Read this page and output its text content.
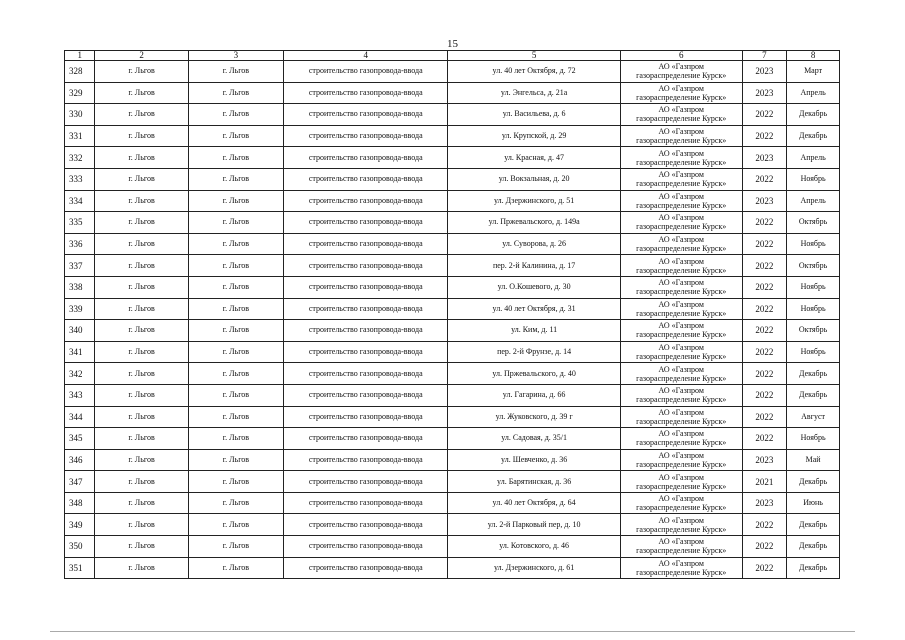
15
1	2	3	4	5	6	7	8
328	г. Льгов	г. Льгов	строительство газопровода-ввода	ул. 40 лет Октября, д. 72	АО «Газпром
газораспределение Курск»	2023	Март
329	г. Льгов	г. Льгов	строительство газопровода-ввода	ул. Энгельса, д. 21а	АО «Газпром
газораспределение Курск»	2023	Апрель
330	г. Льгов	г. Льгов	строительство газопровода-ввода	ул. Васильева, д. 6	АО «Газпром
газораспределение Курск»	2022	Декабрь
331	г. Льгов	г. Льгов	строительство газопровода-ввода	ул. Крупской, д. 29	АО «Газпром
газораспределение Курск»	2022	Декабрь
332	г. Льгов	г. Льгов	строительство газопровода-ввода	ул. Красная, д. 47	АО «Газпром
газораспределение Курск»	2023	Апрель
333	г. Льгов	г. Льгов	строительство газопровода-ввода	ул. Вокзальная, д. 20	АО «Газпром
газораспределение Курск»	2022	Ноябрь
334	г. Льгов	г. Льгов	строительство газопровода-ввода	ул. Дзержинского, д. 51	АО «Газпром
газораспределение Курск»	2023	Апрель
335	г. Льгов	г. Льгов	строительство газопровода-ввода	ул. Пржевальского, д. 149а	АО «Газпром
газораспределение Курск»	2022	Октябрь
336	г. Льгов	г. Льгов	строительство газопровода-ввода	ул. Суворова, д. 26	АО «Газпром
газораспределение Курск»	2022	Ноябрь
337	г. Льгов	г. Льгов	строительство газопровода-ввода	пер. 2-й Калинина, д. 17	АО «Газпром
газораспределение Курск»	2022	Октябрь
338	г. Льгов	г. Льгов	строительство газопровода-ввода	ул. О.Кошевого, д. 30	АО «Газпром
газораспределение Курск»	2022	Ноябрь
339	г. Льгов	г. Льгов	строительство газопровода-ввода	ул. 40 лет Октября, д. 31	АО «Газпром
газораспределение Курск»	2022	Ноябрь
340	г. Льгов	г. Льгов	строительство газопровода-ввода	ул. Ким, д. 11	АО «Газпром
газораспределение Курск»	2022	Октябрь
341	г. Льгов	г. Льгов	строительство газопровода-ввода	пер. 2-й Фрунзе, д. 14	АО «Газпром
газораспределение Курск»	2022	Ноябрь
342	г. Льгов	г. Льгов	строительство газопровода-ввода	ул. Пржевальского, д. 40	АО «Газпром
газораспределение Курск»	2022	Декабрь
343	г. Льгов	г. Льгов	строительство газопровода-ввода	ул. Гагарина, д. 66	АО «Газпром
газораспределение Курск»	2022	Декабрь
344	г. Льгов	г. Льгов	строительство газопровода-ввода	ул. Жуковского, д. 39 г	АО «Газпром
газораспределение Курск»	2022	Август
345	г. Льгов	г. Льгов	строительство газопровода-ввода	ул. Садовая, д. 35/1	АО «Газпром
газораспределение Курск»	2022	Ноябрь
346	г. Льгов	г. Льгов	строительство газопровода-ввода	ул. Шевченко, д. 36	АО «Газпром
газораспределение Курск»	2023	Май
347	г. Льгов	г. Льгов	строительство газопровода-ввода	ул. Барятинская, д. 36	АО «Газпром
газораспределение Курск»	2021	Декабрь
348	г. Льгов	г. Льгов	строительство газопровода-ввода	ул. 40 лет Октября, д. 64	АО «Газпром
газораспределение Курск»	2023	Июнь
349	г. Льгов	г. Льгов	строительство газопровода-ввода	ул. 2-й Парковый пер, д. 10	АО «Газпром
газораспределение Курск»	2022	Декабрь
350	г. Льгов	г. Льгов	строительство газопровода-ввода	ул. Котовского, д. 46	АО «Газпром
газораспределение Курск»	2022	Декабрь
351	г. Льгов	г. Льгов	строительство газопровода-ввода	ул. Дзержинского, д. 61	АО «Газпром
газораспределение Курск»	2022	Декабрь
